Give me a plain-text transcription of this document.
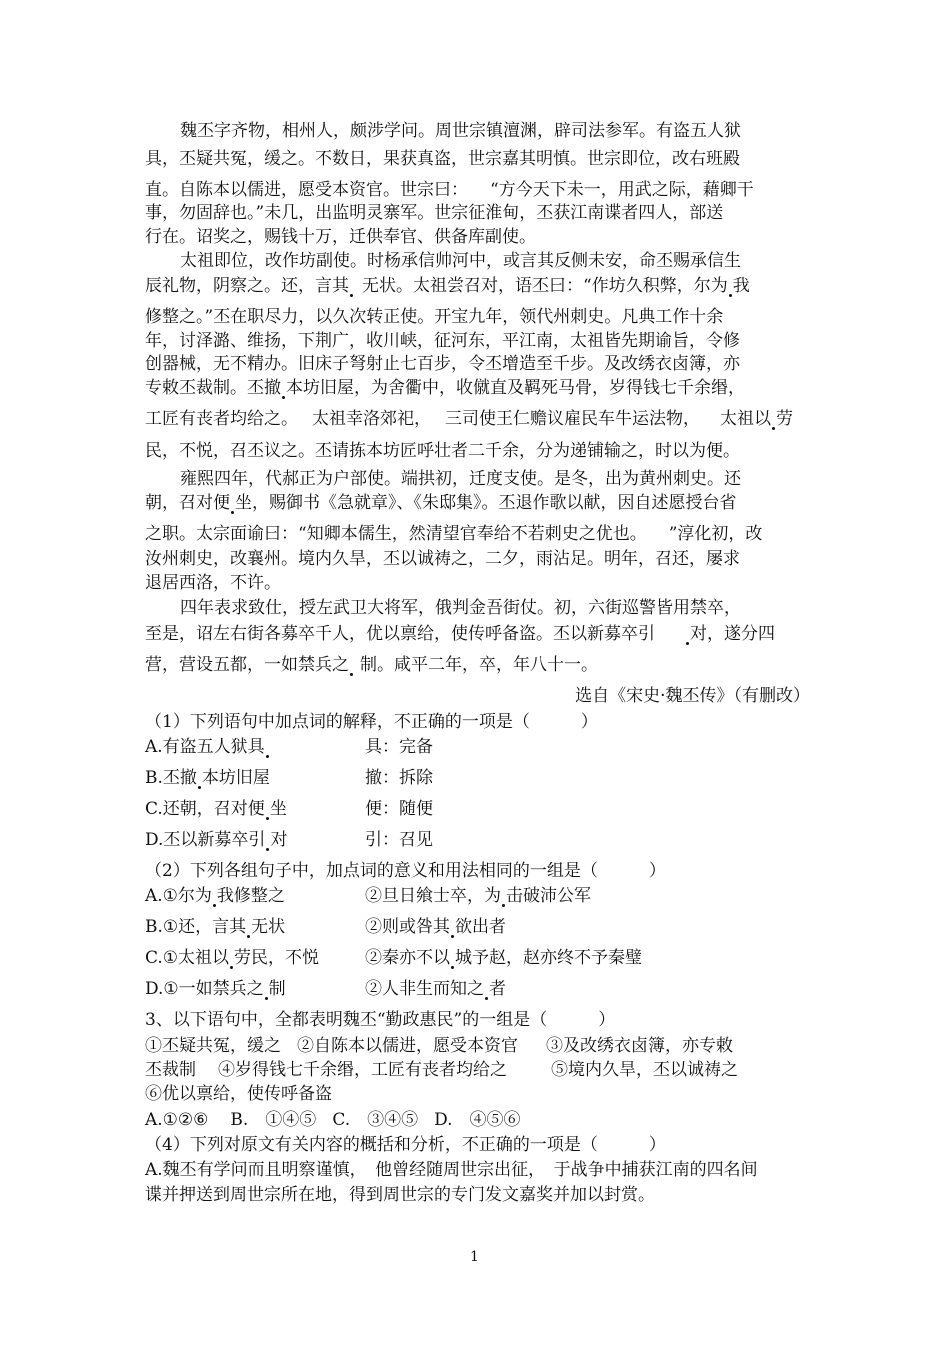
魏丕字齐物，相州人，颇涉学问。周世宗镇澶渊，辟司法参军。有盗五人狱
具，丕疑共冤，缓之。不数日，果获真盗，世宗嘉其明慎。世宗即位，改右班殿
直。自陈本以儒进，愿受本资官。世宗曰： “方今天下未一，用武之际，藉卿干
事，勿固辞也。”未几，出监明灵寨军。世宗征淮甸，丕获江南谍者四人，部送
行在。诏奖之，赐钱十万，迁供奉官、供备库副使。
太祖即位，改作坊副使。时杨承信帅河中，或言其反侧未安，命丕赐承信生
辰礼物，阴察之。还，言其 无状。太祖尝召对，语丕曰：“作坊久积弊，尔为 我
修整之。”丕在职尽力，以久次转正使。开宝九年，领代州刺史。凡典工作十余
年，讨泽潞、维扬，下荆广，收川峡，征河东，平江南，太祖皆先期谕旨，令修
创器械，无不精办。旧床子弩射止七百步，令丕增造至千步。及改绣衣卤簿，亦
专敕丕裁制。丕撤 本坊旧屋，为舍衢中，收僦直及羁死马骨，岁得钱七千余缗，
工匠有丧者均给之。 太祖幸洛郊祀， 三司使王仁赡议雇民车牛运法物， 太祖以 劳
民，不悦，召丕议之。丕请拣本坊匠呼壮者二千余，分为递铺输之，时以为便。
雍熙四年，代郝正为户部使。端拱初，迁度支使。是冬，出为黄州刺史。还
朝，召对便 坐，赐御书《急就章》、《朱邸集》。丕退作歌以献，因自述愿授台省
之职。太宗面谕曰：“知卿本儒生，然清望官奉给不若刺史之优也。 ”淳化初，改
汝州刺史，改襄州。境内久旱，丕以诚祷之，二夕，雨沾足。明年，召还，屡求
退居西洛，不许。
四年表求致仕，授左武卫大将军，俄判金吾街仗。初，六街巡警皆用禁卒，
至是，诏左右街各募卒千人，优以禀给，使传呼备盗。丕以新募卒引 对，遂分四
营，营设五都，一如禁兵之 制。咸平二年，卒，年八十一。
选自《宋史·魏丕传》（有删改）
（1）下列语句中加点词的解释，不正确的一项是（　　　）
A.有盗五人狱具	具：完备
B.丕撤 本坊旧屋	撤：拆除
C.还朝，召对便 坐	便：随便
D.丕以新募卒引 对	引：召见
（2）下列各组句子中，加点词的意义和用法相同的一组是（　　　）
A.①尔为 我修整之	②旦日飨士卒，为 击破沛公军
B.①还，言其 无状	②则或咎其 欲出者
C.①太祖以 劳民，不悦	②秦亦不以 城予赵，赵亦终不予秦璧
D.①一如禁兵之 制	②人非生而知之 者
3、以下语句中，全都表明魏丕“勤政惠民”的一组是（　　　）
①丕疑共冤，缓之 ②自陈本以儒进，愿受本资官 ③及改绣衣卤簿，亦专敕
丕裁制 ④岁得钱七千余缗，工匠有丧者均给之	⑤境内久旱，丕以诚祷之
⑥优以禀给，使传呼备盗
A.①②⑥ B.　①④⑤ C.　③④⑤ D.　④⑤⑥
（4）下列对原文有关内容的概括和分析，不正确的一项是（　　　）
A.魏丕有学问而且明察谨慎，　他曾经随周世宗出征，　于战争中捕获江南的四名间
谍并押送到周世宗所在地，得到周世宗的专门发文嘉奖并加以封赏。
1
